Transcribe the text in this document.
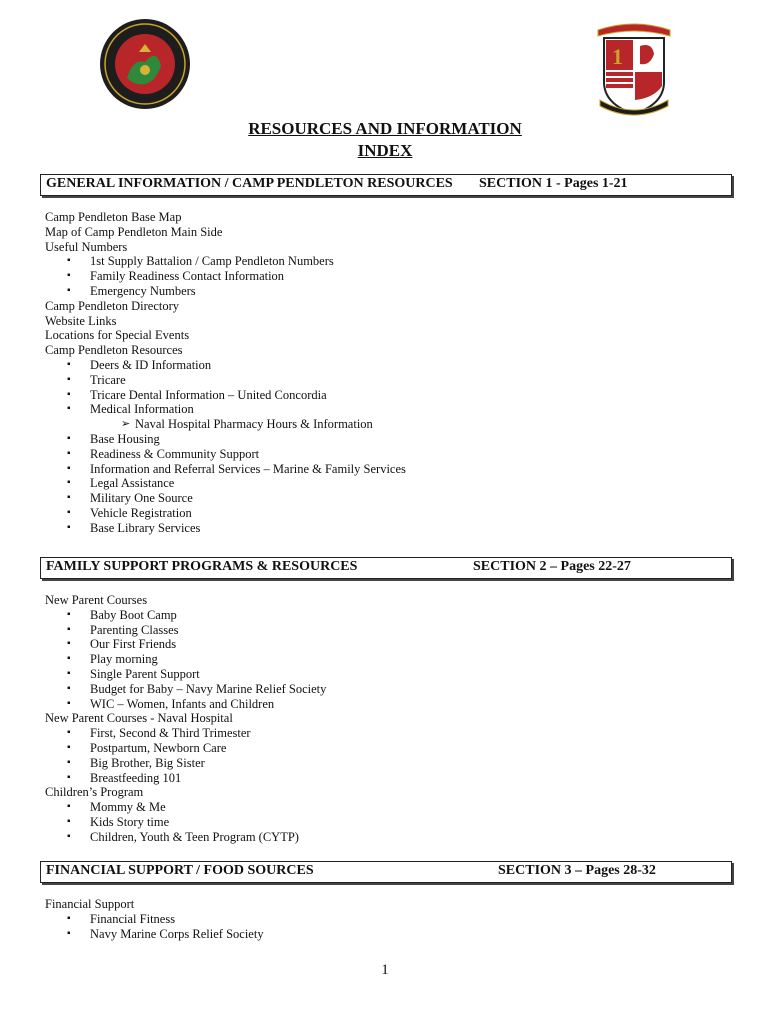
1
RESOURCES AND INFORMATION
INDEX
GENERAL INFORMATION / CAMP PENDLETON RESOURCES SECTION 1 - Pages 1-21
Camp Pendleton Base Map
Map of Camp Pendleton Main Side
Useful Numbers
▪ 1st Supply Battalion / Camp Pendleton Numbers
▪ Family Readiness Contact Information
▪ Emergency Numbers
Camp Pendleton Directory
Website Links
Locations for Special Events
Camp Pendleton Resources
▪ Deers & ID Information
▪ Tricare
▪ Tricare Dental Information – United Concordia
▪ Medical Information
➢ Naval Hospital Pharmacy Hours & Information
▪ Base Housing
▪ Readiness & Community Support
▪ Information and Referral Services – Marine & Family Services
▪ Legal Assistance
▪ Military One Source
▪ Vehicle Registration
▪ Base Library Services
FAMILY SUPPORT PROGRAMS & RESOURCES	SECTION 2 – Pages 22-27
New Parent Courses
▪ Baby Boot Camp
▪ Parenting Classes
▪ Our First Friends
▪ Play morning
▪ Single Parent Support
▪ Budget for Baby – Navy Marine Relief Society
▪ WIC – Women, Infants and Children
New Parent Courses - Naval Hospital
▪ First, Second & Third Trimester
▪ Postpartum, Newborn Care
▪ Big Brother, Big Sister
▪ Breastfeeding 101
Children’s Program
▪ Mommy & Me
▪ Kids Story time
▪ Children, Youth & Teen Program (CYTP)
FINANCIAL SUPPORT / FOOD SOURCES	SECTION 3 – Pages 28-32
Financial Support
▪ Financial Fitness
▪ Navy Marine Corps Relief Society
1
